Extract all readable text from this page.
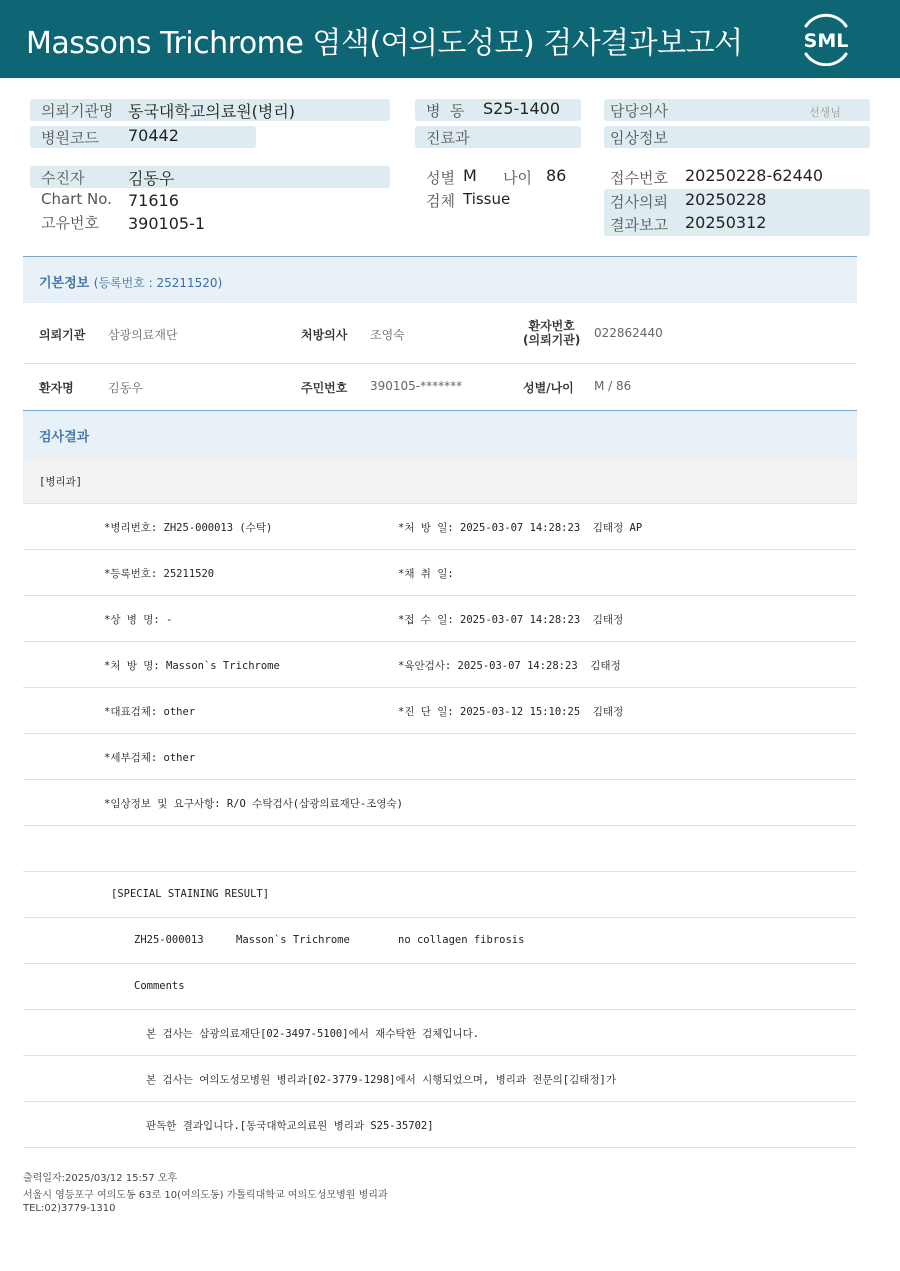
Massons Trichrome 염색(여의도성모) 검사결과보고서	SML
의뢰기관명 동국대학교의료원(병리)
병원코드 70442
수진자	김동우
Chart No. 71616
고유번호 390105-1
병  동 S25-1400
진료과
성별 M 나이 86
검체 Tissue
담당의사	선생님
임상정보
접수번호 20250228-62440
검사의뢰 20250228
결과보고 20250312
기본정보 (등록번호 : 25211520)
의뢰기관 삼광의료재단	처방의사 조영숙
환자번호
(의뢰기관) 022862440
환자명	김동우	주민번호 390105-*******	성별/나이 M / 86
검사결과
[병리과]
*병리번호: ZH25-000013 (수탁)	*처 방 일: 2025-03-07 14:28:23  김태정 AP
*등록번호: 25211520	*채 취 일:
*상 병 명: -	*접 수 일: 2025-03-07 14:28:23  김태정
*처 방 명: Masson`s Trichrome	*육안검사: 2025-03-07 14:28:23  김태정
*대표검체: other	*진 단 일: 2025-03-12 15:10:25  김태정
*세부검체: other
*임상정보 및 요구사항: R/O 수탁검사(삼광의료재단-조영숙)
[SPECIAL STAINING RESULT]
ZH25-000013	Masson`s Trichrome	no collagen fibrosis
Comments
본 검사는 삼광의료재단[02-3497-5100]에서 재수탁한 검체입니다.
본 검사는 여의도성모병원 병리과[02-3779-1298]에서 시행되었으며, 병리과 전문의[김태정]가
판독한 결과입니다.[동국대학교의료원 병리과 S25-35702]
출력일자:2025/03/12 15:57 오후
서울시 영등포구 여의도동 63로 10(여의도동) 가톨릭대학교 여의도성모병원 병리과
TEL:02)3779-1310
